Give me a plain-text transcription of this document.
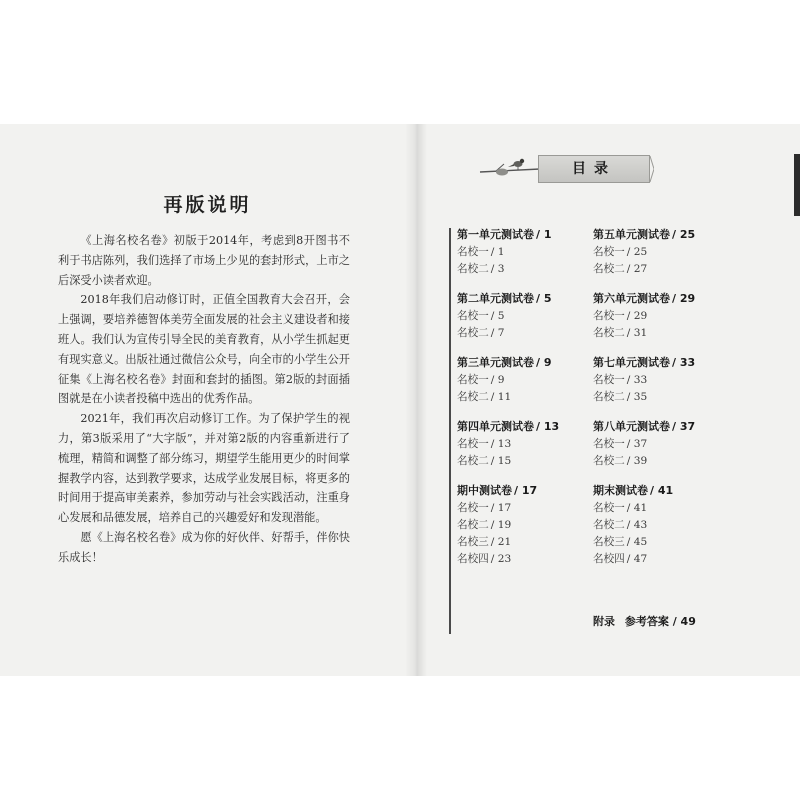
再版说明

《上海名校名卷》初版于2014年，考虑到8开图书不利于书店陈列，我们选择了市场上少见的套封形式，上市之后深受小读者欢迎。

2018年我们启动修订时，正值全国教育大会召开，会上强调，要培养德智体美劳全面发展的社会主义建设者和接班人。我们认为宣传引导全民的美育教育，从小学生抓起更有现实意义。出版社通过微信公众号，向全市的小学生公开征集《上海名校名卷》封面和套封的插图。第2版的封面插图就是在小读者投稿中选出的优秀作品。

2021年，我们再次启动修订工作。为了保护学生的视力，第3版采用了“大字版”，并对第2版的内容重新进行了梳理，精简和调整了部分练习，期望学生能用更少的时间掌握教学内容，达到教学要求，达成学业发展目标，将更多的时间用于提高审美素养，参加劳动与社会实践活动，注重身心发展和品德发展，培养自己的兴趣爱好和发现潜能。

愿《上海名校名卷》成为你的好伙伴、好帮手，伴你快乐成长！

目录
第一单元测试卷 / 1
名校一 / 1
名校二 / 3
第二单元测试卷 / 5
名校一 / 5
名校二 / 7
第三单元测试卷 / 9
名校一 / 9
名校二 / 11
第四单元测试卷 / 13
名校一 / 13
名校二 / 15
期中测试卷 / 17
名校一 / 17
名校二 / 19
名校三 / 21
名校四 / 23
第五单元测试卷 / 25
名校一 / 25
名校二 / 27
第六单元测试卷 / 29
名校一 / 29
名校二 / 31
第七单元测试卷 / 33
名校一 / 33
名校二 / 35
第八单元测试卷 / 37
名校一 / 37
名校二 / 39
期末测试卷 / 41
名校一 / 41
名校二 / 43
名校三 / 45
名校四 / 47
附录 参考答案 / 49
